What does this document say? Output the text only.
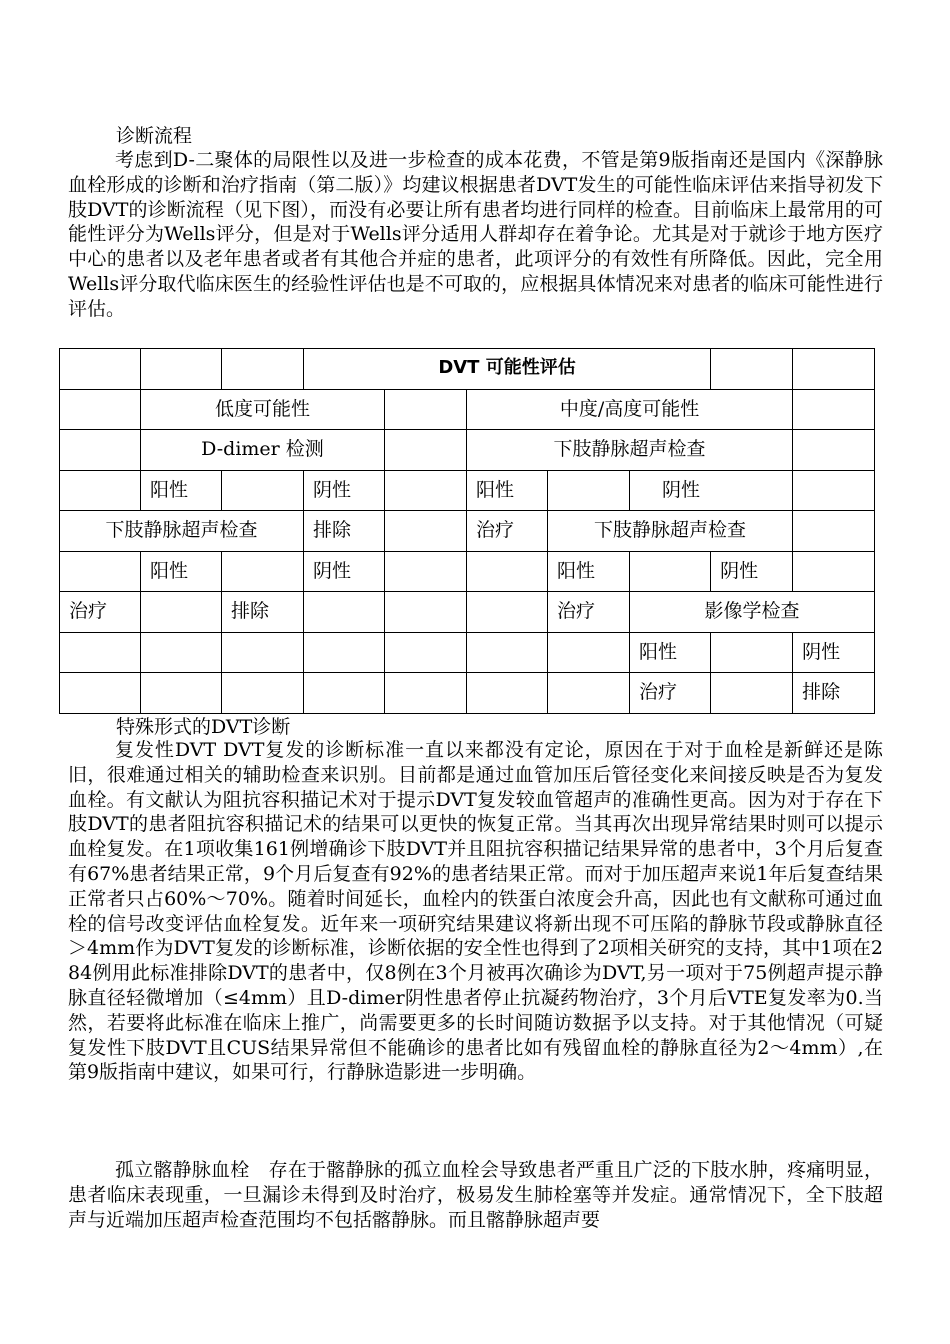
诊断流程
考虑到D-二聚体的局限性以及进一步检查的成本花费，不管是第9版指南还是国内《深静脉血栓形成的诊断和治疗指南（第二版）》均建议根据患者DVT发生的可能性临床评估来指导初发下肢DVT的诊断流程（见下图），而没有必要让所有患者均进行同样的检查。目前临床上最常用的可能性评分为Wells评分，但是对于Wells评分适用人群却存在着争论。尤其是对于就诊于地方医疗中心的患者以及老年患者或者有其他合并症的患者，此项评分的有效性有所降低。因此，完全用Wells评分取代临床医生的经验性评估也是不可取的，应根据具体情况来对患者的临床可能性进行评估。
			DVT 可能性评估						
	低度可能性				中度/高度可能性				
	D-dimer 检测				下肢静脉超声检查				
	阳性		阴性		阳性		阴性		
下肢静脉超声检查			排除		治疗	下肢静脉超声检查			
	阳性		阴性			阳性		阴性	
治疗		排除				治疗	影像学检查		
							阳性		阴性
							治疗		排除
特殊形式的DVT诊断
复发性DVT DVT复发的诊断标准一直以来都没有定论，原因在于对于血栓是新鲜还是陈旧，很难通过相关的辅助检查来识别。目前都是通过血管加压后管径变化来间接反映是否为复发血栓。有文献认为阻抗容积描记术对于提示DVT复发较血管超声的准确性更高。因为对于存在下肢DVT的患者阻抗容积描记术的结果可以更快的恢复正常。当其再次出现异常结果时则可以提示血栓复发。在1项收集161例增确诊下肢DVT并且阻抗容积描记结果异常的患者中，3个月后复查有67%患者结果正常，9个月后复查有92%的患者结果正常。而对于加压超声来说1年后复查结果正常者只占60%～70%。随着时间延长，血栓内的铁蛋白浓度会升高，因此也有文献称可通过血栓的信号改变评估血栓复发。近年来一项研究结果建议将新出现不可压陷的静脉节段或静脉直径＞4mm作为DVT复发的诊断标准，诊断依据的安全性也得到了2项相关研究的支持，其中1项在284例用此标准排除DVT的患者中，仅8例在3个月被再次确诊为DVT,另一项对于75例超声提示静脉直径轻微增加（≤4mm）且D-dimer阴性患者停止抗凝药物治疗，3个月后VTE复发率为0.当然，若要将此标准在临床上推广，尚需要更多的长时间随访数据予以支持。对于其他情况（可疑复发性下肢DVT且CUS结果异常但不能确诊的患者比如有残留血栓的静脉直径为2～4mm）,在第9版指南中建议，如果可行，行静脉造影进一步明确。
孤立髂静脉血栓　存在于髂静脉的孤立血栓会导致患者严重且广泛的下肢水肿，疼痛明显，患者临床表现重，一旦漏诊未得到及时治疗，极易发生肺栓塞等并发症。通常情况下，全下肢超声与近端加压超声检查范围均不包括髂静脉。而且髂静脉超声要
